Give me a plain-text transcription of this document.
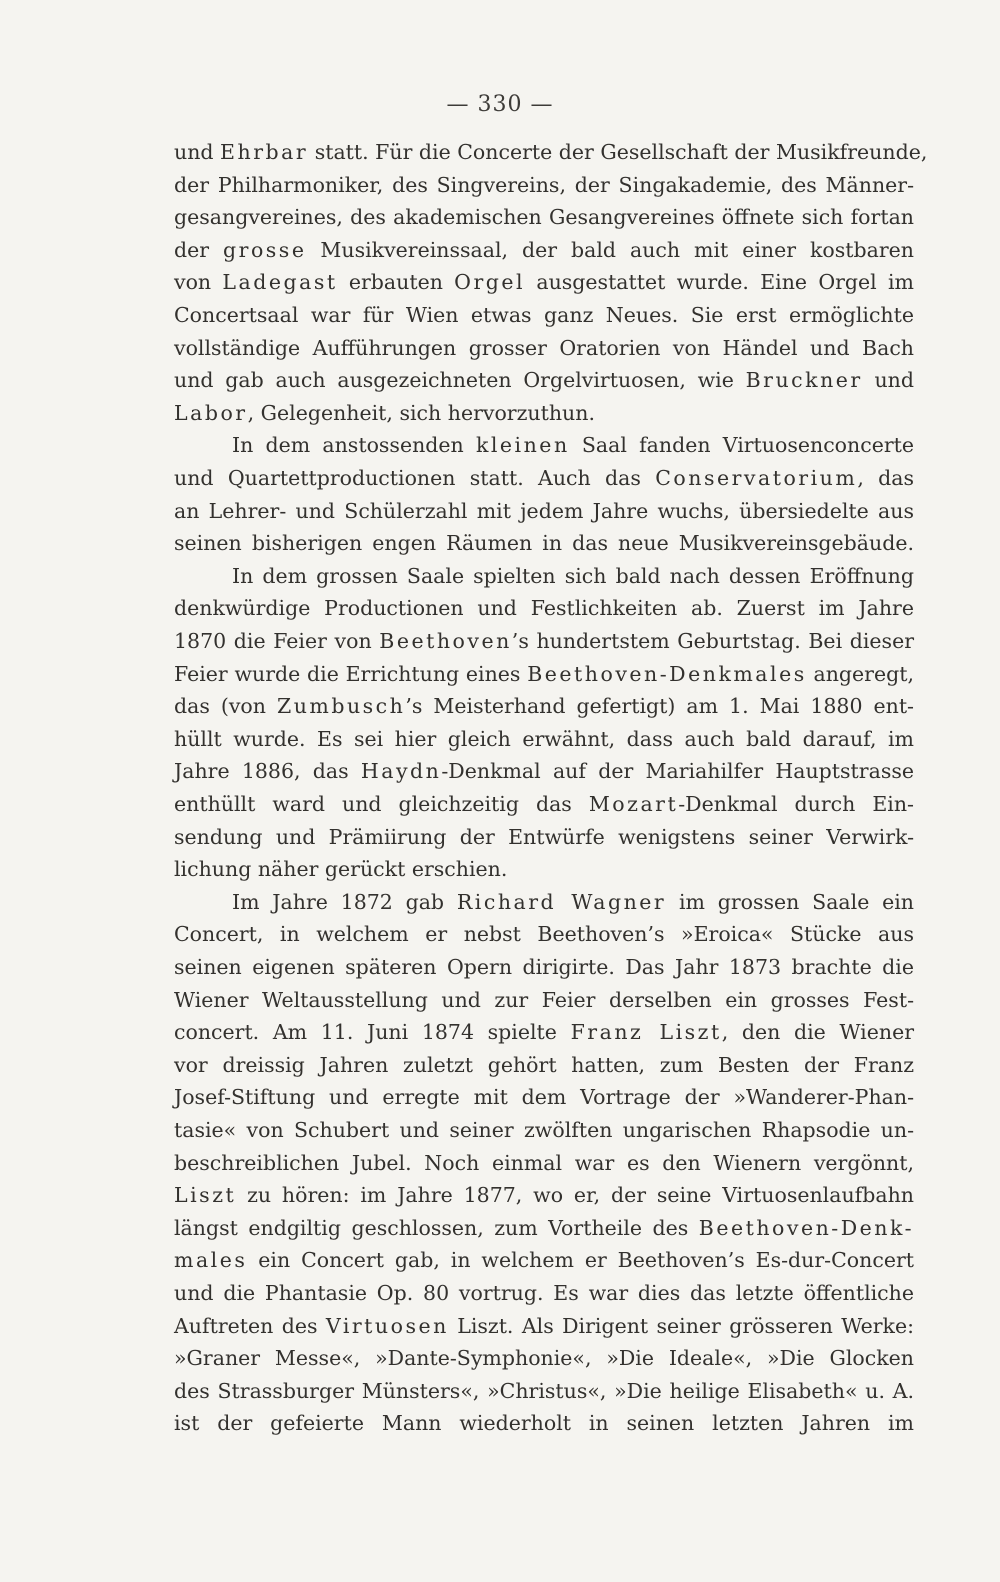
— 330 —
und Ehrbar statt. Für die Concerte der Gesellschaft der Musikfreunde,
der Philharmoniker, des Singvereins, der Singakademie, des Männer-
gesangvereines, des akademischen Gesangvereines öffnete sich fortan
der grosse Musikvereinssaal, der bald auch mit einer kostbaren
von Ladegast erbauten Orgel ausgestattet wurde. Eine Orgel im
Concertsaal war für Wien etwas ganz Neues. Sie erst ermöglichte
vollständige Aufführungen grosser Oratorien von Händel und Bach
und gab auch ausgezeichneten Orgelvirtuosen, wie Bruckner und
Labor, Gelegenheit, sich hervorzuthun.
In dem anstossenden kleinen Saal fanden Virtuosenconcerte
und Quartettproductionen statt. Auch das Conservatorium, das
an Lehrer- und Schülerzahl mit jedem Jahre wuchs, übersiedelte aus
seinen bisherigen engen Räumen in das neue Musikvereinsgebäude.
In dem grossen Saale spielten sich bald nach dessen Eröffnung
denkwürdige Productionen und Festlichkeiten ab. Zuerst im Jahre
1870 die Feier von Beethoven’s hundertstem Geburtstag. Bei dieser
Feier wurde die Errichtung eines Beethoven-Denkmales angeregt,
das (von Zumbusch’s Meisterhand gefertigt) am 1. Mai 1880 ent-
hüllt wurde. Es sei hier gleich erwähnt, dass auch bald darauf, im
Jahre 1886, das Haydn-Denkmal auf der Mariahilfer Hauptstrasse
enthüllt ward und gleichzeitig das Mozart-Denkmal durch Ein-
sendung und Prämiirung der Entwürfe wenigstens seiner Verwirk-
lichung näher gerückt erschien.
Im Jahre 1872 gab Richard Wagner im grossen Saale ein
Concert, in welchem er nebst Beethoven’s »Eroica« Stücke aus
seinen eigenen späteren Opern dirigirte. Das Jahr 1873 brachte die
Wiener Weltausstellung und zur Feier derselben ein grosses Fest-
concert. Am 11. Juni 1874 spielte Franz Liszt, den die Wiener
vor dreissig Jahren zuletzt gehört hatten, zum Besten der Franz
Josef-Stiftung und erregte mit dem Vortrage der »Wanderer-Phan-
tasie« von Schubert und seiner zwölften ungarischen Rhapsodie un-
beschreiblichen Jubel. Noch einmal war es den Wienern vergönnt,
Liszt zu hören: im Jahre 1877, wo er, der seine Virtuosenlaufbahn
längst endgiltig geschlossen, zum Vortheile des Beethoven-Denk-
males ein Concert gab, in welchem er Beethoven’s Es-dur-Concert
und die Phantasie Op. 80 vortrug. Es war dies das letzte öffentliche
Auftreten des Virtuosen Liszt. Als Dirigent seiner grösseren Werke:
»Graner Messe«, »Dante-Symphonie«, »Die Ideale«, »Die Glocken
des Strassburger Münsters«, »Christus«, »Die heilige Elisabeth« u. A.
ist der gefeierte Mann wiederholt in seinen letzten Jahren im
